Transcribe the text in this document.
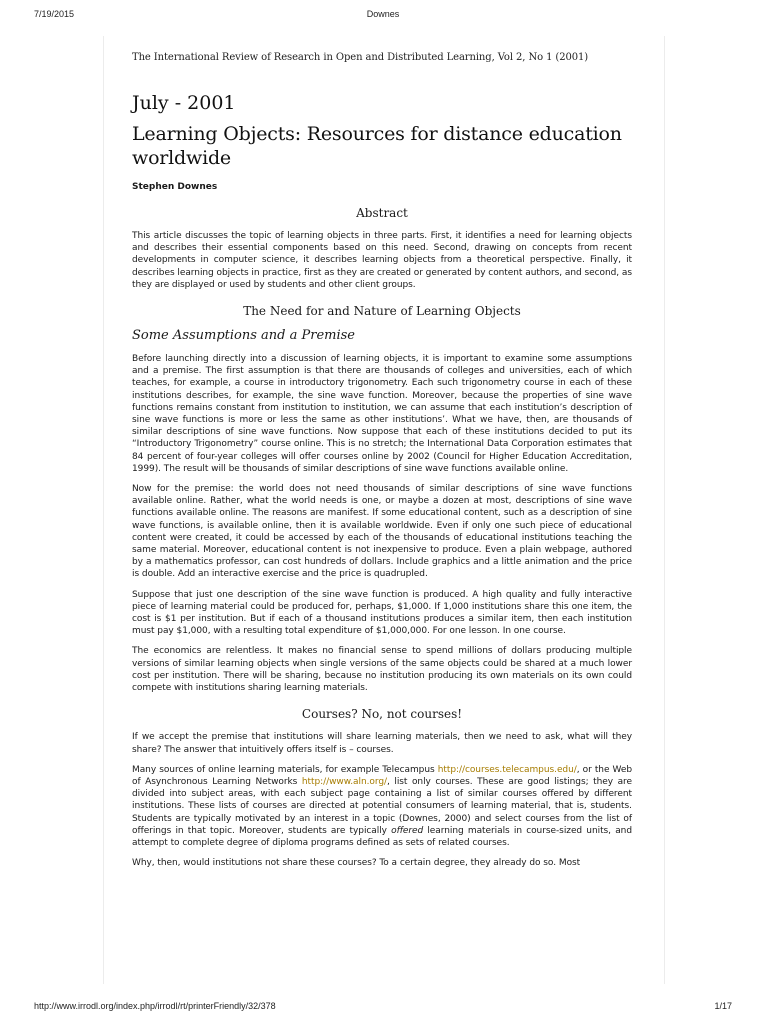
7/19/2015	Downes
The International Review of Research in Open and Distributed Learning, Vol 2, No 1 (2001)
July - 2001
Learning Objects: Resources for distance education worldwide
Stephen Downes
Abstract

This article discusses the topic of learning objects in three parts. First, it identifies a need for learning objects and describes their essential components based on this need. Second, drawing on concepts from recent developments in computer science, it describes learning objects from a theoretical perspective. Finally, it describes learning objects in practice, first as they are created or generated by content authors, and second, as they are displayed or used by students and other client groups.

The Need for and Nature of Learning Objects
Some Assumptions and a Premise

Before launching directly into a discussion of learning objects, it is important to examine some assumptions and a premise. The first assumption is that there are thousands of colleges and universities, each of which teaches, for example, a course in introductory trigonometry. Each such trigonometry course in each of these institutions describes, for example, the sine wave function. Moreover, because the properties of sine wave functions remains constant from institution to institution, we can assume that each institution’s description of sine wave functions is more or less the same as other institutions’. What we have, then, are thousands of similar descriptions of sine wave functions. Now suppose that each of these institutions decided to put its “Introductory Trigonometry” course online. This is no stretch; the International Data Corporation estimates that 84 percent of four-year colleges will offer courses online by 2002 (Council for Higher Education Accreditation, 1999). The result will be thousands of similar descriptions of sine wave functions available online.

Now for the premise: the world does not need thousands of similar descriptions of sine wave functions available online. Rather, what the world needs is one, or maybe a dozen at most, descriptions of sine wave functions available online. The reasons are manifest. If some educational content, such as a description of sine wave functions, is available online, then it is available worldwide. Even if only one such piece of educational content were created, it could be accessed by each of the thousands of educational institutions teaching the same material. Moreover, educational content is not inexpensive to produce. Even a plain webpage, authored by a mathematics professor, can cost hundreds of dollars. Include graphics and a little animation and the price is double. Add an interactive exercise and the price is quadrupled.

Suppose that just one description of the sine wave function is produced. A high quality and fully interactive piece of learning material could be produced for, perhaps, $1,000. If 1,000 institutions share this one item, the cost is $1 per institution. But if each of a thousand institutions produces a similar item, then each institution must pay $1,000, with a resulting total expenditure of $1,000,000. For one lesson. In one course.

The economics are relentless. It makes no financial sense to spend millions of dollars producing multiple versions of similar learning objects when single versions of the same objects could be shared at a much lower cost per institution. There will be sharing, because no institution producing its own materials on its own could compete with institutions sharing learning materials.

Courses? No, not courses!

If we accept the premise that institutions will share learning materials, then we need to ask, what will they share? The answer that intuitively offers itself is – courses.

Many sources of online learning materials, for example Telecampus http://courses.telecampus.edu/, or the Web of Asynchronous Learning Networks http://www.aln.org/, list only courses. These are good listings; they are divided into subject areas, with each subject page containing a list of similar courses offered by different institutions. These lists of courses are directed at potential consumers of learning material, that is, students. Students are typically motivated by an interest in a topic (Downes, 2000) and select courses from the list of offerings in that topic. Moreover, students are typically offered learning materials in course-sized units, and attempt to complete degree of diploma programs defined as sets of related courses.

Why, then, would institutions not share these courses? To a certain degree, they already do so. Most

http://www.irrodl.org/index.php/irrodl/rt/printerFriendly/32/378	1/17
